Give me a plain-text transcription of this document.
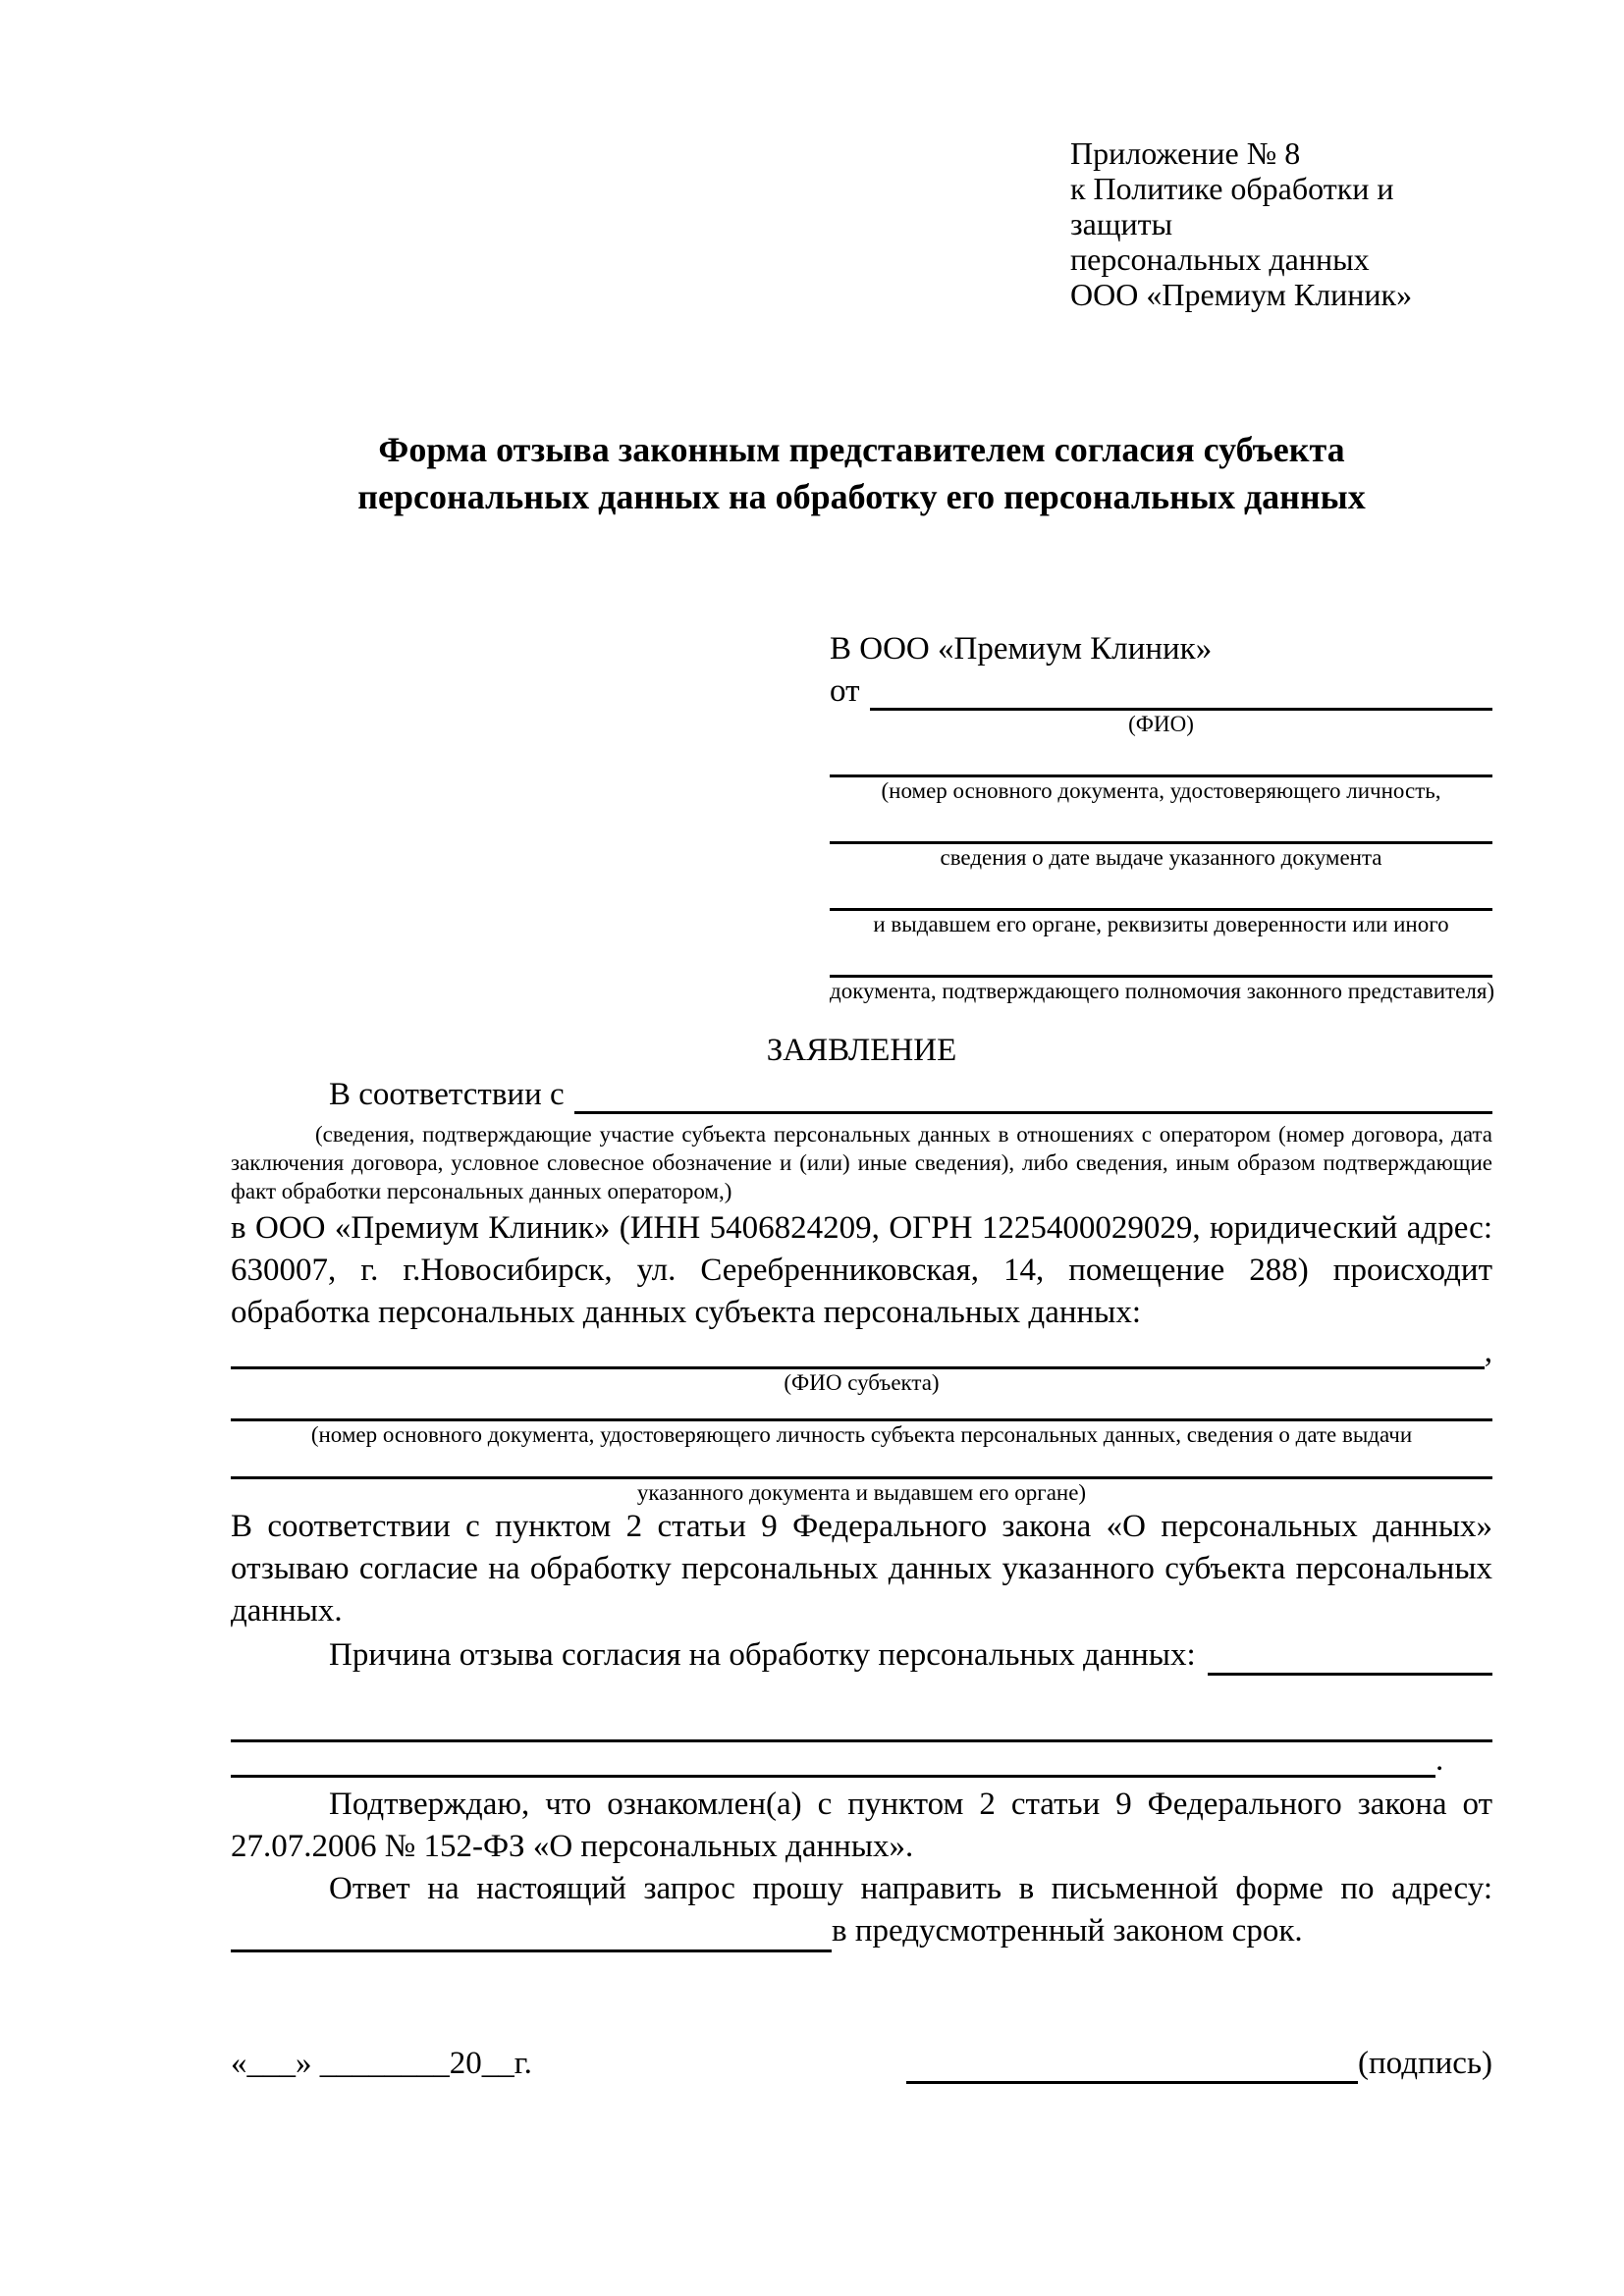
Приложение № 8
к Политике обработки и защиты
персональных данных
ООО «Премиум Клиник»
Форма отзыва законным представителем согласия субъекта
персональных данных на обработку его персональных данных
В ООО «Премиум Клиник»
от
(ФИО)
(номер основного документа, удостоверяющего личность,
сведения о дате выдаче указанного документа
и выдавшем его органе, реквизиты доверенности или иного
документа, подтверждающего полномочия законного представителя)
ЗАЯВЛЕНИЕ
В соответствии с
(сведения, подтверждающие участие субъекта персональных данных в отношениях с оператором (номер договора, дата заключения договора, условное словесное обозначение и (или) иные сведения), либо сведения, иным образом подтверждающие факт обработки персональных данных оператором,)
в ООО «Премиум Клиник» (ИНН 5406824209, ОГРН 1225400029029, юридический адрес: 630007, г. г.Новосибирск, ул. Серебренниковская, 14, помещение 288) происходит обработка персональных данных субъекта персональных данных:
,
(ФИО субъекта)
(номер основного документа, удостоверяющего личность субъекта персональных данных, сведения о дате выдачи
указанного документа и выдавшем его органе)
В соответствии с пунктом 2 статьи 9 Федерального закона «О персональных данных» отзываю согласие на обработку персональных данных указанного субъекта персональных данных.
Причина отзыва согласия на обработку персональных данных:
.
Подтверждаю, что ознакомлен(а) с пунктом 2 статьи 9 Федерального закона от 27.07.2006 № 152-ФЗ «О персональных данных».
Ответ на настоящий запрос прошу направить в письменной форме по адресу:
в предусмотренный законом срок.
«___» ________20__г.	(подпись)
